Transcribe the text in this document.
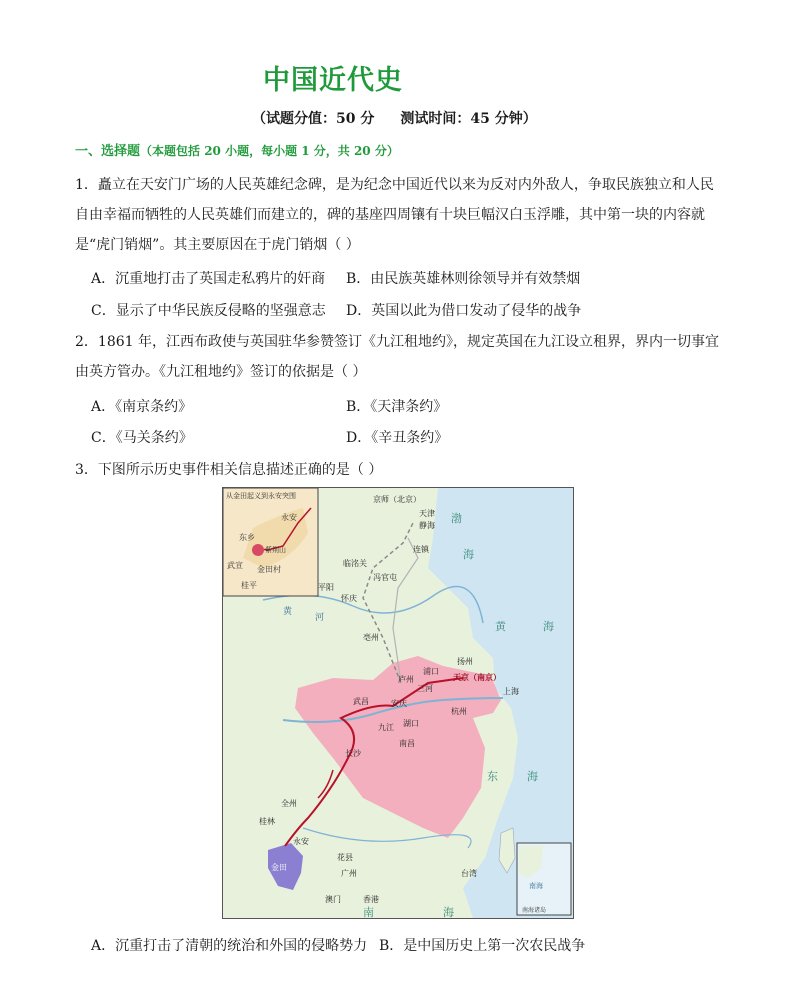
中国近代史
（试题分值：50 分 测试时间：45 分钟）
一、选择题（本题包括 20 小题，每小题 1 分，共 20 分）
1．矗立在天安门广场的人民英雄纪念碑，是为纪念中国近代以来为反对内外敌人，争取民族独立和人民自由幸福而牺牲的人民英雄们而建立的，碑的基座四周镶有十块巨幅汉白玉浮雕，其中第一块的内容就是“虎门销烟”。其主要原因在于虎门销烟（ ）
A．沉重地打击了英国走私鸦片的奸商 B．由民族英雄林则徐领导并有效禁烟
C．显示了中华民族反侵略的坚强意志 D．英国以此为借口发动了侵华的战争
2．1861 年，江西布政使与英国驻华参赞签订《九江租地约》，规定英国在九江设立租界，界内一切事宜由英方管办。《九江租地约》签订的依据是（ ）
A．《南京条约》	B．《天津条约》
C．《马关条约》	D．《辛丑条约》
3．下图所示历史事件相关信息描述正确的是（ ）
从金田起义到永安突围
永安
东乡
紫荆山
武宣 金田村
桂平
京师（北京）
天津
静海
连镇
临洺关
冯官屯
平阳
怀庆
亳州
扬州
浦口
庐州
三河
天京（南京）
上海
武昌	安庆
湖口
九江
杭州
南昌
长沙
全州
桂林
永安
金田
花县
广州
澳门	香港
台湾
渤
海
黄	海
东	海
南	海
黄
河
南海
南海诸岛
A．沉重打击了清朝的统治和外国的侵略势力 B．是中国历史上第一次农民战争
